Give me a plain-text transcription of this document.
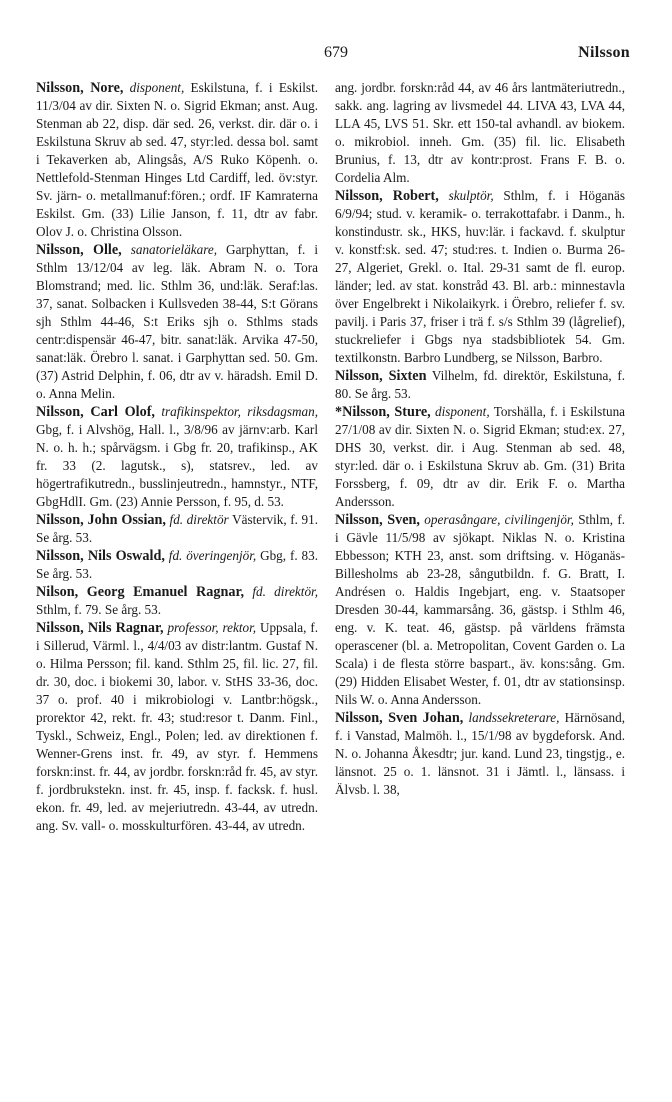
679	Nilsson

Nilsson, Nore, disponent, Eskilstuna, f. i Eskilst. 11/3/04 av dir. Sixten N. o. Sigrid Ekman; anst. Aug. Stenman ab 22, disp. där sed. 26, verkst. dir. där o. i Eskilstuna Skruv ab sed. 47, styr:led. dessa bol. samt i Tekaverken ab, Alingsås, A/S Ruko Köpenh. o. Nettlefold-Stenman Hinges Ltd Cardiff, led. öv:styr. Sv. järn- o. metallmanuf:fören.; ordf. IF Kamraterna Eskilst. Gm. (33) Lilie Janson, f. 11, dtr av fabr. Olov J. o. Christina Olsson.

Nilsson, Olle, sanatorieläkare, Garphyttan, f. i Sthlm 13/12/04 av leg. läk. Abram N. o. Tora Blomstrand; med. lic. Sthlm 36, und:läk. Seraf:las. 37, sanat. Solbacken i Kullsveden 38-44, S:t Görans sjh Sthlm 44-46, S:t Eriks sjh o. Sthlms stads centr:dispensär 46-47, bitr. sanat:läk. Arvika 47-50, sanat:läk. Örebro l. sanat. i Garphyttan sed. 50. Gm. (37) Astrid Delphin, f. 06, dtr av v. häradsh. Emil D. o. Anna Melin.

Nilsson, Carl Olof, trafikinspektor, riksdagsman, Gbg, f. i Alvshög, Hall. l., 3/8/96 av järnv:arb. Karl N. o. h. h.; spårvägsm. i Gbg fr. 20, trafikinsp., AK fr. 33 (2. lagutsk., s), statsrev., led. av högertrafikutredn., busslinjeutredn., hamnstyr., NTF, GbgHdlI. Gm. (23) Annie Persson, f. 95, d. 53.

Nilsson, John Ossian, fd. direktör Västervik, f. 91. Se årg. 53.

Nilsson, Nils Oswald, fd. överingenjör, Gbg, f. 83. Se årg. 53.

Nilson, Georg Emanuel Ragnar, fd. direktör, Sthlm, f. 79. Se årg. 53.

Nilsson, Nils Ragnar, professor, rektor, Uppsala, f. i Sillerud, Värml. l., 4/4/03 av distr:lantm. Gustaf N. o. Hilma Persson; fil. kand. Sthlm 25, fil. lic. 27, fil. dr. 30, doc. i biokemi 30, labor. v. StHS 33-36, doc. 37 o. prof. 40 i mikrobiologi v. Lantbr:högsk., prorektor 42, rekt. fr. 43; stud:resor t. Danm. Finl., Tyskl., Schweiz, Engl., Polen; led. av direktionen f. Wenner-Grens inst. fr. 49, av styr. f. Hemmens forskn:inst. fr. 44, av jordbr. forskn:råd fr. 45, av styr. f. jordbrukstekn. inst. fr. 45, insp. f. facksk. f. husl. ekon. fr. 49, led. av mejeriutredn. 43-44, av utredn. ang. Sv. vall- o. mosskulturfören. 43-44, av utredn.

ang. jordbr. forskn:råd 44, av 46 års lantmäteriutredn., sakk. ang. lagring av livsmedel 44. LIVA 43, LVA 44, LLA 45, LVS 51. Skr. ett 150-tal avhandl. av biokem. o. mikrobiol. inneh. Gm. (35) fil. lic. Elisabeth Brunius, f. 13, dtr av kontr:prost. Frans F. B. o. Cordelia Alm.

Nilsson, Robert, skulptör, Sthlm, f. i Höganäs 6/9/94; stud. v. keramik- o. terrakottafabr. i Danm., h. konstindustr. sk., HKS, huv:lär. i fackavd. f. skulptur v. konstf:sk. sed. 47; stud:res. t. Indien o. Burma 26-27, Algeriet, Grekl. o. Ital. 29-31 samt de fl. europ. länder; led. av stat. konstråd 43. Bl. arb.: minnestavla över Engelbrekt i Nikolaikyrk. i Örebro, reliefer f. sv. pavilj. i Paris 37, friser i trä f. s/s Sthlm 39 (lågrelief), stuckreliefer i Gbgs nya stadsbibliotek 54. Gm. textilkonstn. Barbro Lundberg, se Nilsson, Barbro.

Nilsson, Sixten Vilhelm, fd. direktör, Eskilstuna, f. 80. Se årg. 53.

*Nilsson, Sture, disponent, Torshälla, f. i Eskilstuna 27/1/08 av dir. Sixten N. o. Sigrid Ekman; stud:ex. 27, DHS 30, verkst. dir. i Aug. Stenman ab sed. 48, styr:led. där o. i Eskilstuna Skruv ab. Gm. (31) Brita Forssberg, f. 09, dtr av dir. Erik F. o. Martha Andersson.

Nilsson, Sven, operasångare, civilingenjör, Sthlm, f. i Gävle 11/5/98 av sjökapt. Niklas N. o. Kristina Ebbesson; KTH 23, anst. som driftsing. v. Höganäs-Billesholms ab 23-28, sångutbildn. f. G. Bratt, I. Andrésen o. Haldis Ingebjart, eng. v. Staatsoper Dresden 30-44, kammarsång. 36, gästsp. i Sthlm 46, eng. v. K. teat. 46, gästsp. på världens främsta operascener (bl. a. Metropolitan, Covent Garden o. La Scala) i de flesta större baspart., äv. kons:sång. Gm. (29) Hidden Elisabet Wester, f. 01, dtr av stationsinsp. Nils W. o. Anna Andersson.

Nilsson, Sven Johan, landssekreterare, Härnösand, f. i Vanstad, Malmöh. l., 15/1/98 av bygdeforsk. And. N. o. Johanna Åkesdtr; jur. kand. Lund 23, tingstjg., e. länsnot. 25 o. 1. länsnot. 31 i Jämtl. l., länsass. i Älvsb. l. 38,
